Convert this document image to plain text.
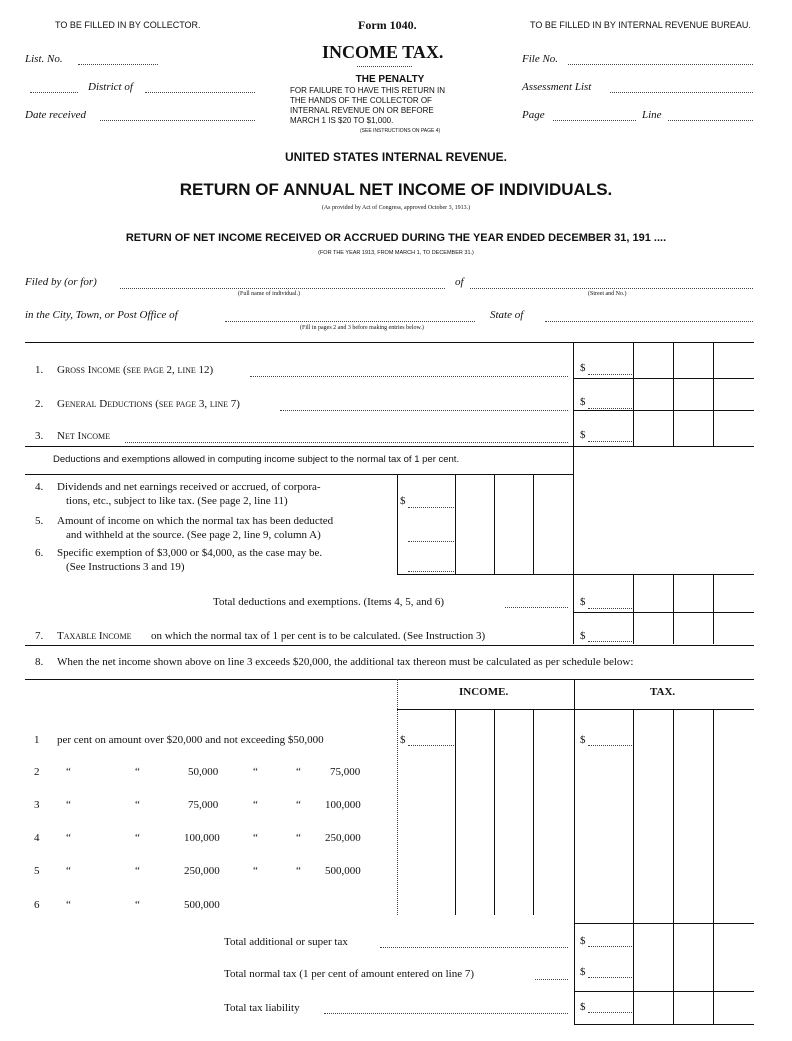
TO BE FILLED IN BY COLLECTOR.	Form 1040.	TO BE FILLED IN BY INTERNAL REVENUE BUREAU.
INCOME TAX.
List. No.
District of
Date received
THE PENALTY
FOR FAILURE TO HAVE THIS RETURN IN
THE HANDS OF THE COLLECTOR OF
INTERNAL REVENUE ON OR BEFORE
MARCH 1 IS $20 TO $1,000.
(SEE INSTRUCTIONS ON PAGE 4)
File No.
Assessment List
Page	Line
UNITED STATES INTERNAL REVENUE.
RETURN OF ANNUAL NET INCOME OF INDIVIDUALS.
(As provided by Act of Congress, approved October 3, 1913.)
RETURN OF NET INCOME RECEIVED OR ACCRUED DURING THE YEAR ENDED DECEMBER 31, 191 ....
(FOR THE YEAR 1913, FROM MARCH 1, TO DECEMBER 31.)
Filed by (or for)	of
(Full name of individual.)	(Street and No.)
in the City, Town, or Post Office of	State of
(Fill in pages 2 and 3 before making entries below.)
1. Gross Income (see page 2, line 12)	$
2. General Deductions (see page 3, line 7)	$
3. Net Income	$
Deductions and exemptions allowed in computing income subject to the normal tax of 1 per cent.
4. Dividends and net earnings received or accrued, of corpora-
tions, etc., subject to like tax. (See page 2, line 11)	$
5. Amount of income on which the normal tax has been deducted
and withheld at the source. (See page 2, line 9, column A)
6. Specific exemption of $3,000 or $4,000, as the case may be.
(See Instructions 3 and 19)
Total deductions and exemptions. (Items 4, 5, and 6)	$
7. Taxable Income on which the normal tax of 1 per cent is to be calculated. (See Instruction 3)	$
8. When the net income shown above on line 3 exceeds $20,000, the additional tax thereon must be calculated as per schedule below:
INCOME.	TAX.
1 per cent on amount over $20,000 and not exceeding $50,000	$	$
2 “	“	50,000	“	“	75,000
3 “	“	75,000	“	“ 100,000
4 “	“	100,000	“	“ 250,000
5 “	“	250,000	“	“ 500,000
6 “	“	500,000
Total additional or super tax	$
Total normal tax (1 per cent of amount entered on line 7)	$
Total tax liability	$
